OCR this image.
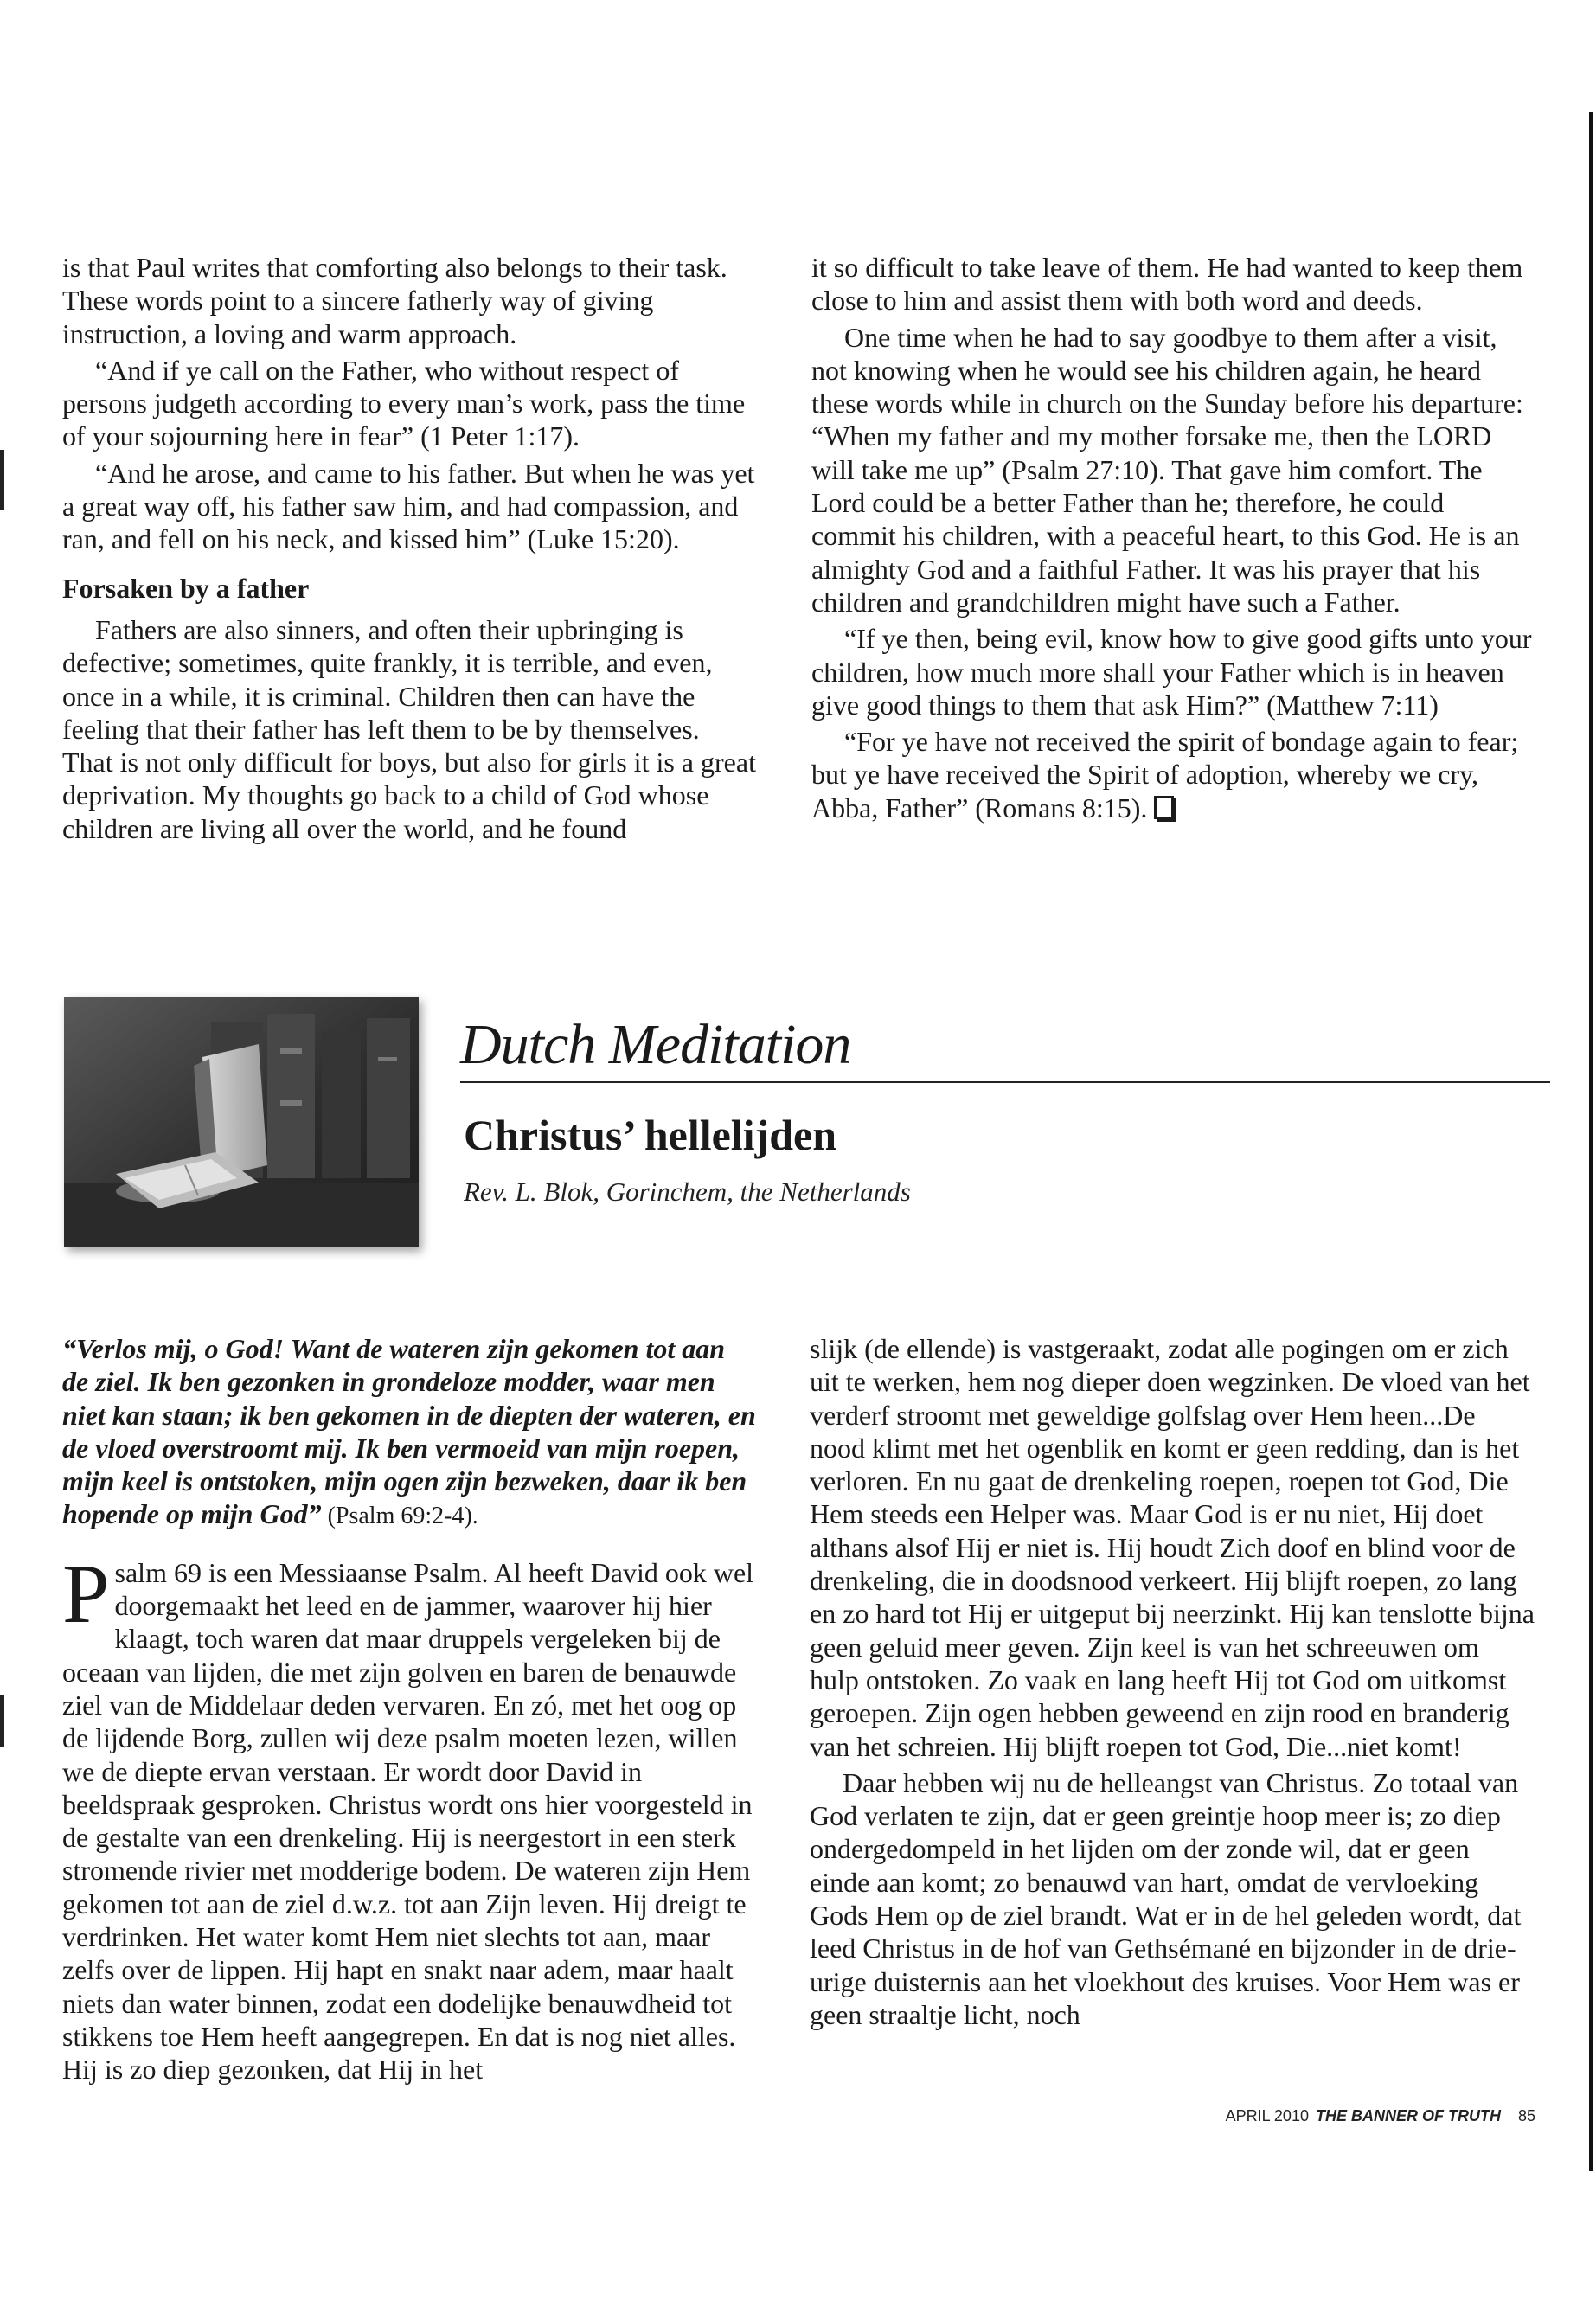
is that Paul writes that comforting also belongs to their task. These words point to a sincere fatherly way of giving instruction, a loving and warm approach.

“And if ye call on the Father, who without respect of persons judgeth according to every man’s work, pass the time of your sojourning here in fear” (1 Peter 1:17).

“And he arose, and came to his father. But when he was yet a great way off, his father saw him, and had compassion, and ran, and fell on his neck, and kissed him” (Luke 15:20).

Forsaken by a father

Fathers are also sinners, and often their upbringing is defective; sometimes, quite frankly, it is terrible, and even, once in a while, it is criminal. Children then can have the feeling that their father has left them to be by themselves. That is not only difficult for boys, but also for girls it is a great deprivation. My thoughts go back to a child of God whose children are living all over the world, and he found

it so difficult to take leave of them. He had wanted to keep them close to him and assist them with both word and deeds.

One time when he had to say goodbye to them after a visit, not knowing when he would see his children again, he heard these words while in church on the Sunday before his departure: “When my father and my mother forsake me, then the LORD will take me up” (Psalm 27:10). That gave him comfort. The Lord could be a better Father than he; therefore, he could commit his children, with a peaceful heart, to this God. He is an almighty God and a faithful Father. It was his prayer that his children and grandchildren might have such a Father.

“If ye then, being evil, know how to give good gifts unto your children, how much more shall your Father which is in heaven give good things to them that ask Him?” (Matthew 7:11)

“For ye have not received the spirit of bondage again to fear; but ye have received the Spirit of adoption, whereby we cry, Abba, Father” (Romans 8:15).

Dutch Meditation
Christus’ hellelijden
Rev. L. Blok, Gorinchem, the Netherlands

“Verlos mij, o God! Want de wateren zijn gekomen tot aan de ziel. Ik ben gezonken in grondeloze modder, waar men niet kan staan; ik ben gekomen in de diepten der wateren, en de vloed overstroomt mij. Ik ben vermoeid van mijn roepen, mijn keel is ontstoken, mijn ogen zijn bezweken, daar ik ben hopende op mijn God” (Psalm 69:2-4).

Psalm 69 is een Messiaanse Psalm. Al heeft David ook wel doorgemaakt het leed en de jammer, waarover hij hier klaagt, toch waren dat maar druppels vergeleken bij de oceaan van lijden, die met zijn golven en baren de benauwde ziel van de Middelaar deden vervaren. En zó, met het oog op de lijdende Borg, zullen wij deze psalm moeten lezen, willen we de diepte ervan verstaan. Er wordt door David in beeldspraak gesproken. Christus wordt ons hier voorgesteld in de gestalte van een drenkeling. Hij is neergestort in een sterk stromende rivier met modderige bodem. De wateren zijn Hem gekomen tot aan de ziel d.w.z. tot aan Zijn leven. Hij dreigt te verdrinken. Het water komt Hem niet slechts tot aan, maar zelfs over de lippen. Hij hapt en snakt naar adem, maar haalt niets dan water binnen, zodat een dodelijke benauwdheid tot stikkens toe Hem heeft aangegrepen. En dat is nog niet alles. Hij is zo diep gezonken, dat Hij in het

slijk (de ellende) is vastgeraakt, zodat alle pogingen om er zich uit te werken, hem nog dieper doen wegzinken. De vloed van het verderf stroomt met geweldige golfslag over Hem heen...De nood klimt met het ogenblik en komt er geen redding, dan is het verloren. En nu gaat de drenkeling roepen, roepen tot God, Die Hem steeds een Helper was. Maar God is er nu niet, Hij doet althans alsof Hij er niet is. Hij houdt Zich doof en blind voor de drenkeling, die in doodsnood verkeert. Hij blijft roepen, zo lang en zo hard tot Hij er uitgeput bij neerzinkt. Hij kan tenslotte bijna geen geluid meer geven. Zijn keel is van het schreeuwen om hulp ontstoken. Zo vaak en lang heeft Hij tot God om uitkomst geroepen. Zijn ogen hebben geweend en zijn rood en branderig van het schreien. Hij blijft roepen tot God, Die...niet komt!

Daar hebben wij nu de helleangst van Christus. Zo totaal van God verlaten te zijn, dat er geen greintje hoop meer is; zo diep ondergedompeld in het lijden om der zonde wil, dat er geen einde aan komt; zo benauwd van hart, omdat de vervloeking Gods Hem op de ziel brandt. Wat er in de hel geleden wordt, dat leed Christus in de hof van Gethsémané en bijzonder in de drie-urige duisternis aan het vloekhout des kruises. Voor Hem was er geen straaltje licht, noch

APRIL 2010 THE BANNER OF TRUTH 85
